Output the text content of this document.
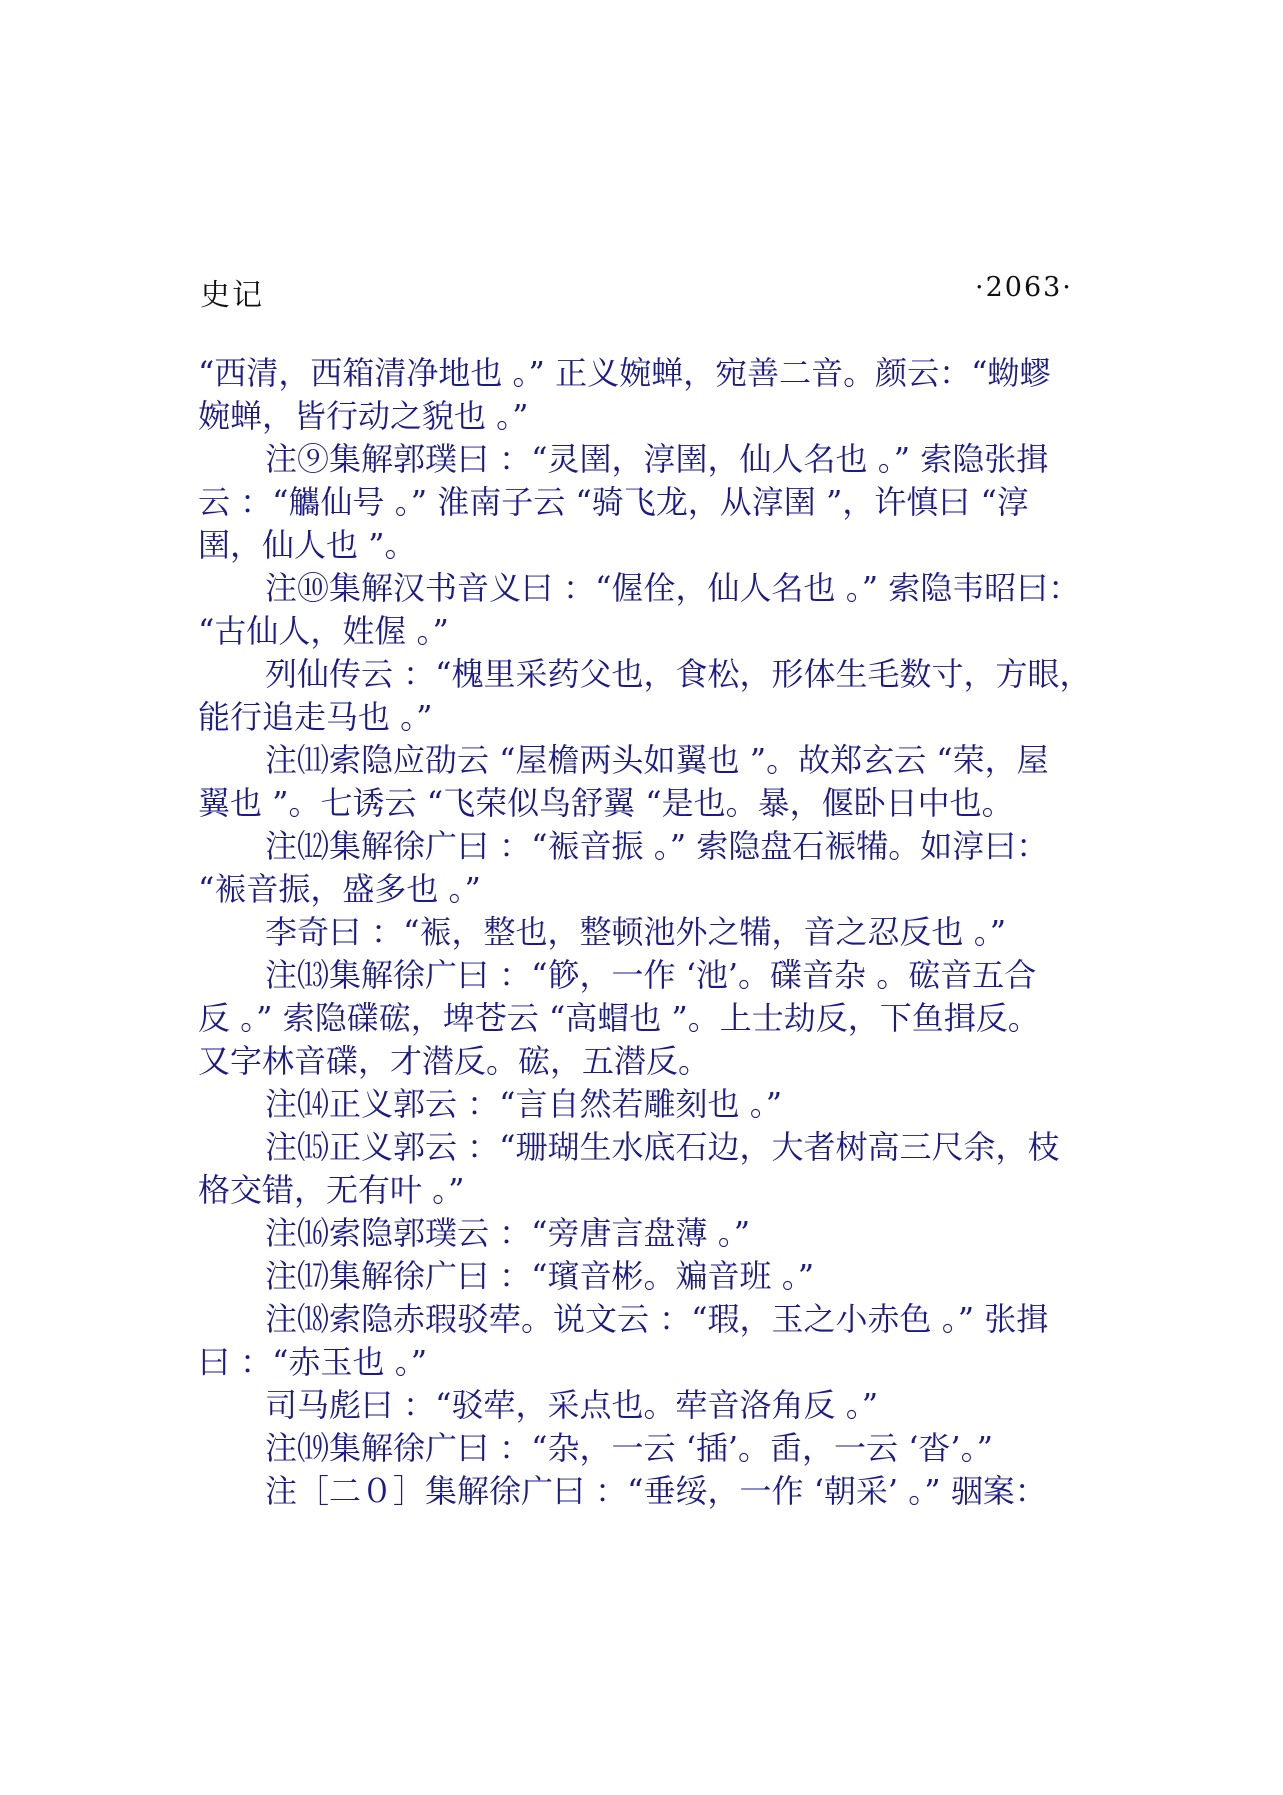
史记	·2063·
“西清，西箱清净地也 。” 正义婉蝉，宛善二音。颜云：“蚴蟉
婉蝉，皆行动之貌也 。”
注⑨集解郭璞曰 ：“灵圉，淳圉，仙人名也 。” 索隐张揖
云 ：“觿仙号 。” 淮南子云 “骑飞龙，从淳圉 ”，许慎曰 “淳
圉，仙人也 ”。
注⑩集解汉书音义曰 ：“偓佺，仙人名也 。” 索隐韦昭曰：
“古仙人，姓偓 。”
列仙传云 ：“槐里采药父也，食松，形体生毛数寸，方眼，
能行追走马也 。”
注⑾索隐应劭云 “屋檐两头如翼也 ”。故郑玄云 “荣，屋
翼也 ”。七诱云 “飞荣似鸟舒翼 “是也。暴，偃卧日中也。
注⑿集解徐广曰 ：“裖音振 。” 索隐盘石裖犕。如淳曰：
“裖音振，盛多也 。”
李奇曰 ：“裖，整也，整顿池外之犕，音之忍反也 。”
注⒀集解徐广曰 ：“篎，一作 ‘池’。礏音杂 。硡音五合
反 。” 索隐礏硡，埤苍云 “高蝐也 ”。上士劫反，下鱼揖反。
又字林音礏，才潜反。硡，五潜反。
注⒁正义郭云 ：“言自然若雕刻也 。”
注⒂正义郭云 ：“珊瑚生水底石边，大者树高三尺余，枝
格交错，无有叶 。”
注⒃索隐郭璞云 ：“旁唐言盘薄 。”
注⒄集解徐广曰 ：“璸音彬。斒音班 。”
注⒅索隐赤瑕驳荦。说文云 ：“瑕，玉之小赤色 。” 张揖
曰 ：“赤玉也 。”
司马彪曰 ：“驳荦，采点也。荦音洛角反 。”
注⒆集解徐广曰 ：“杂，一云 ‘插’。臿，一云 ‘沓’。”
注［二０］集解徐广曰 ：“垂绥，一作 ‘朝采’ 。” 骃案：
